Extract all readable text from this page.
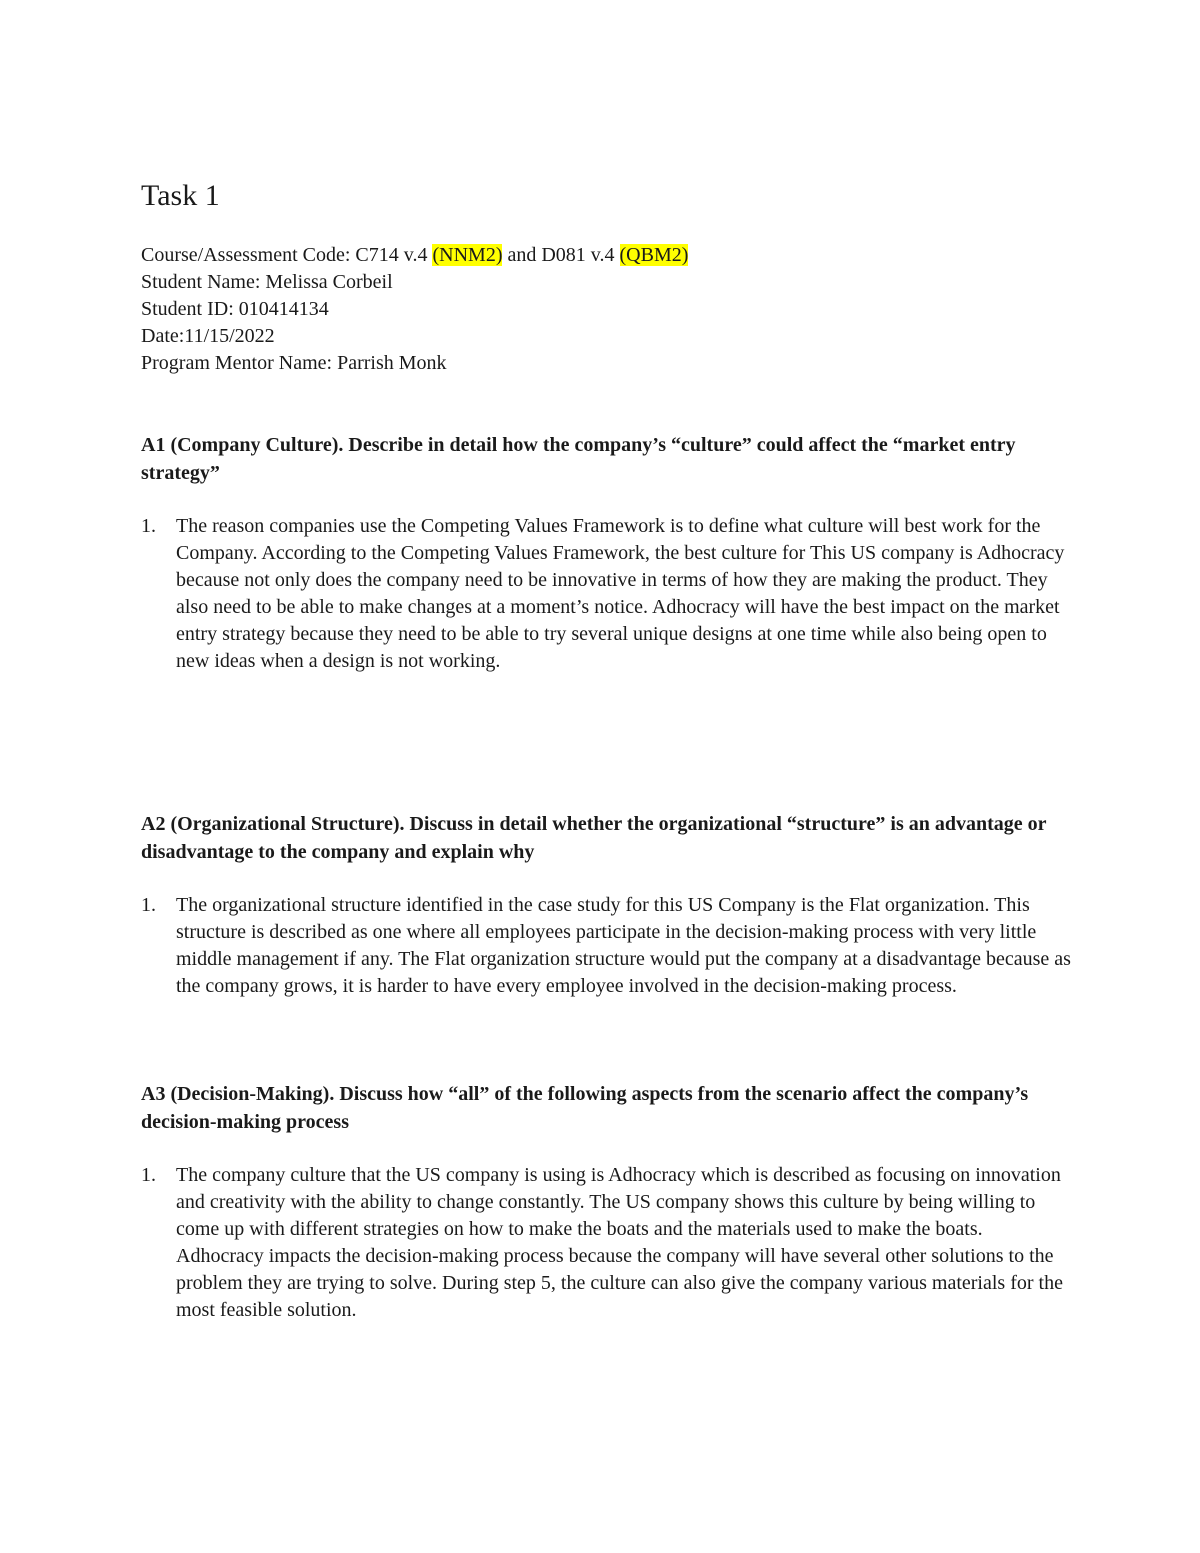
Task 1
Course/Assessment Code: C714 v.4 (NNM2) and D081 v.4 (QBM2)
Student Name: Melissa Corbeil
Student ID: 010414134
Date:11/15/2022
Program Mentor Name: Parrish Monk
A1 (Company Culture). Describe in detail how the company’s “culture” could affect the “market entry strategy”
1. The reason companies use the Competing Values Framework is to define what culture will best work for the Company. According to the Competing Values Framework, the best culture for This US company is Adhocracy because not only does the company need to be innovative in terms of how they are making the product. They also need to be able to make changes at a moment’s notice. Adhocracy will have the best impact on the market entry strategy because they need to be able to try several unique designs at one time while also being open to new ideas when a design is not working.
A2 (Organizational Structure). Discuss in detail whether the organizational “structure” is an advantage or disadvantage to the company and explain why
1. The organizational structure identified in the case study for this US Company is the Flat organization. This structure is described as one where all employees participate in the decision-making process with very little middle management if any. The Flat organization structure would put the company at a disadvantage because as the company grows, it is harder to have every employee involved in the decision-making process.
A3 (Decision-Making). Discuss how “all” of the following aspects from the scenario affect the company’s decision-making process
1. The company culture that the US company is using is Adhocracy which is described as focusing on innovation and creativity with the ability to change constantly. The US company shows this culture by being willing to come up with different strategies on how to make the boats and the materials used to make the boats. Adhocracy impacts the decision-making process because the company will have several other solutions to the problem they are trying to solve. During step 5, the culture can also give the company various materials for the most feasible solution.
